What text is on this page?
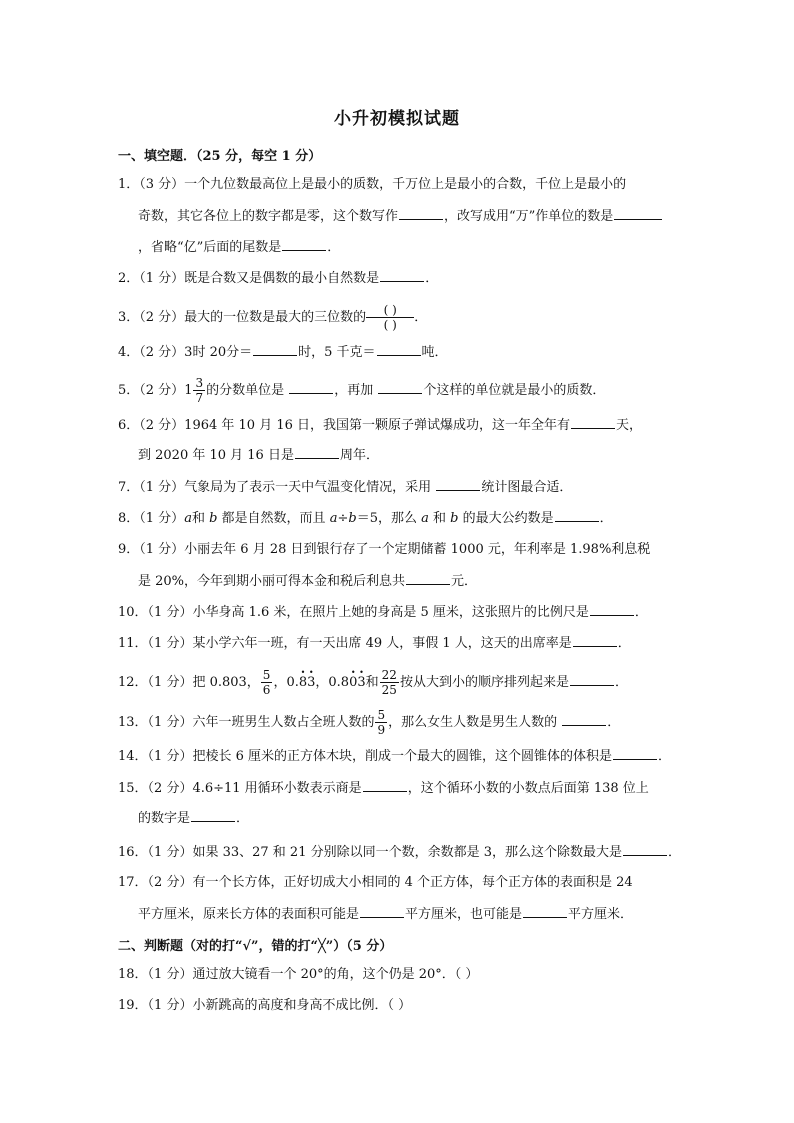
小升初模拟试题
一、填空题．（25 分，每空 1 分）
1．（3 分）一个九位数最高位上是最小的质数，千万位上是最小的合数，千位上是最小的
奇数，其它各位上的数字都是零，这个数写作	，改写成用“万”作单位的数是
，省略“亿”后面的尾数是	．
2．（1 分）既是合数又是偶数的最小自然数是	．
3．（2 分）最大的一位数是最大的三位数的 $\frac{( )}{( )}$ ．
4．（2 分）3时 20分＝	时，5 千克＝	吨．
5．（2 分） $1 \frac{3}{7}$ 的分数单位是	，再加	个这样的单位就是最小的质数．
6．（2 分）1964 年 10 月 16 日，我国第一颗原子弹试爆成功，这一年全年有	天，
到 2020 年 10 月 16 日是	周年．
7．（1 分）气象局为了表示一天中气温变化情况，采用	统计图最合适．
8．（1 分）a和 b 都是自然数，而且 a÷b＝5，那么 a 和 b 的最大公约数是	．
9．（1 分）小丽去年 6 月 28 日到银行存了一个定期储蓄 1000 元，年利率是 1.98%利息税
是 20%，今年到期小丽可得本金和税后利息共	元．
10．（1 分）小华身高 1.6 米，在照片上她的身高是 5 厘米，这张照片的比例尺是	．
11．（1 分）某小学六年一班，有一天出席 49 人，事假 1 人，这天的出席率是	．
12．（1 分）把 0.803， $\frac{5}{6}$ ，0.• 8• 3，0.8• 0• 3和 $\frac{22}{25}$ 按从大到小的顺序排列起来是	．
13．（1 分）六年一班男生人数占全班人数的 $\frac{5}{9}$ ，那么女生人数是男生人数的	．
14．（1 分）把棱长 6 厘米的正方体木块，削成一个最大的圆锥，这个圆锥体的体积是	．
15．（2 分）4.6÷11 用循环小数表示商是	，这个循环小数的小数点后面第 138 位上
的数字是	．
16．（1 分）如果 33、27 和 21 分别除以同一个数，余数都是 3，那么这个除数最大是	．
17．（2 分）有一个长方体，正好切成大小相同的 4 个正方体，每个正方体的表面积是 24
平方厘米，原来长方体的表面积可能是	平方厘米，也可能是	平方厘米．
二、判断题（对的打“√”，错的打“╳”）（5 分）
18．（1 分）通过放大镜看一个 20°的角，这个仍是 20°．（ ）
19．（1 分）小新跳高的高度和身高不成比例．（ ）
